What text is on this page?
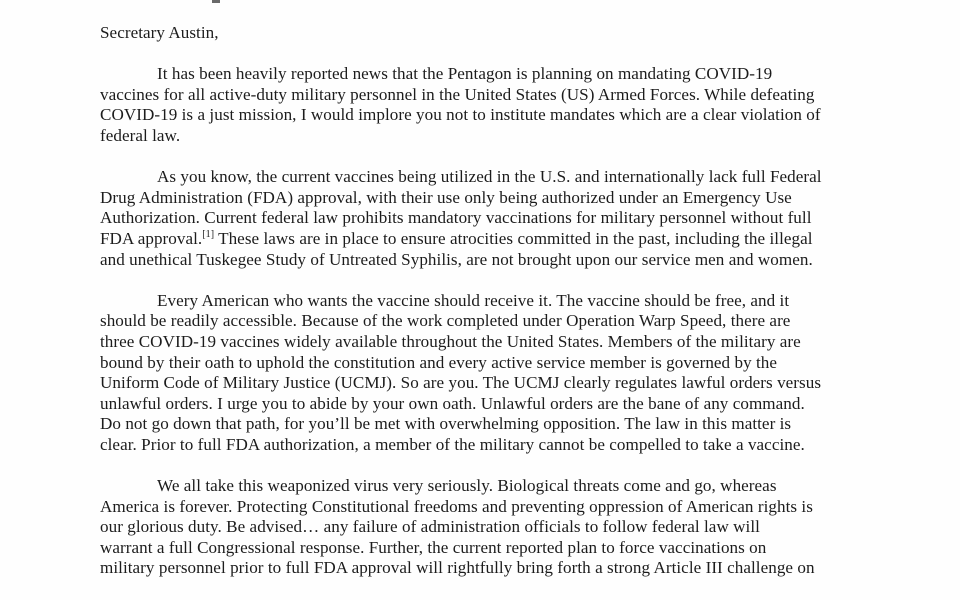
Secretary Austin,
It has been heavily reported news that the Pentagon is planning on mandating COVID-19
vaccines for all active-duty military personnel in the United States (US) Armed Forces. While defeating
COVID-19 is a just mission, I would implore you not to institute mandates which are a clear violation of
federal law.
As you know, the current vaccines being utilized in the U.S. and internationally lack full Federal
Drug Administration (FDA) approval, with their use only being authorized under an Emergency Use
Authorization. Current federal law prohibits mandatory vaccinations for military personnel without full
FDA approval.[1] These laws are in place to ensure atrocities committed in the past, including the illegal
and unethical Tuskegee Study of Untreated Syphilis, are not brought upon our service men and women.
Every American who wants the vaccine should receive it. The vaccine should be free, and it
should be readily accessible. Because of the work completed under Operation Warp Speed, there are
three COVID-19 vaccines widely available throughout the United States. Members of the military are
bound by their oath to uphold the constitution and every active service member is governed by the
Uniform Code of Military Justice (UCMJ). So are you. The UCMJ clearly regulates lawful orders versus
unlawful orders. I urge you to abide by your own oath. Unlawful orders are the bane of any command.
Do not go down that path, for you’ll be met with overwhelming opposition. The law in this matter is
clear. Prior to full FDA authorization, a member of the military cannot be compelled to take a vaccine.
We all take this weaponized virus very seriously. Biological threats come and go, whereas
America is forever. Protecting Constitutional freedoms and preventing oppression of American rights is
our glorious duty. Be advised… any failure of administration officials to follow federal law will
warrant a full Congressional response. Further, the current reported plan to force vaccinations on
military personnel prior to full FDA approval will rightfully bring forth a strong Article III challenge on
